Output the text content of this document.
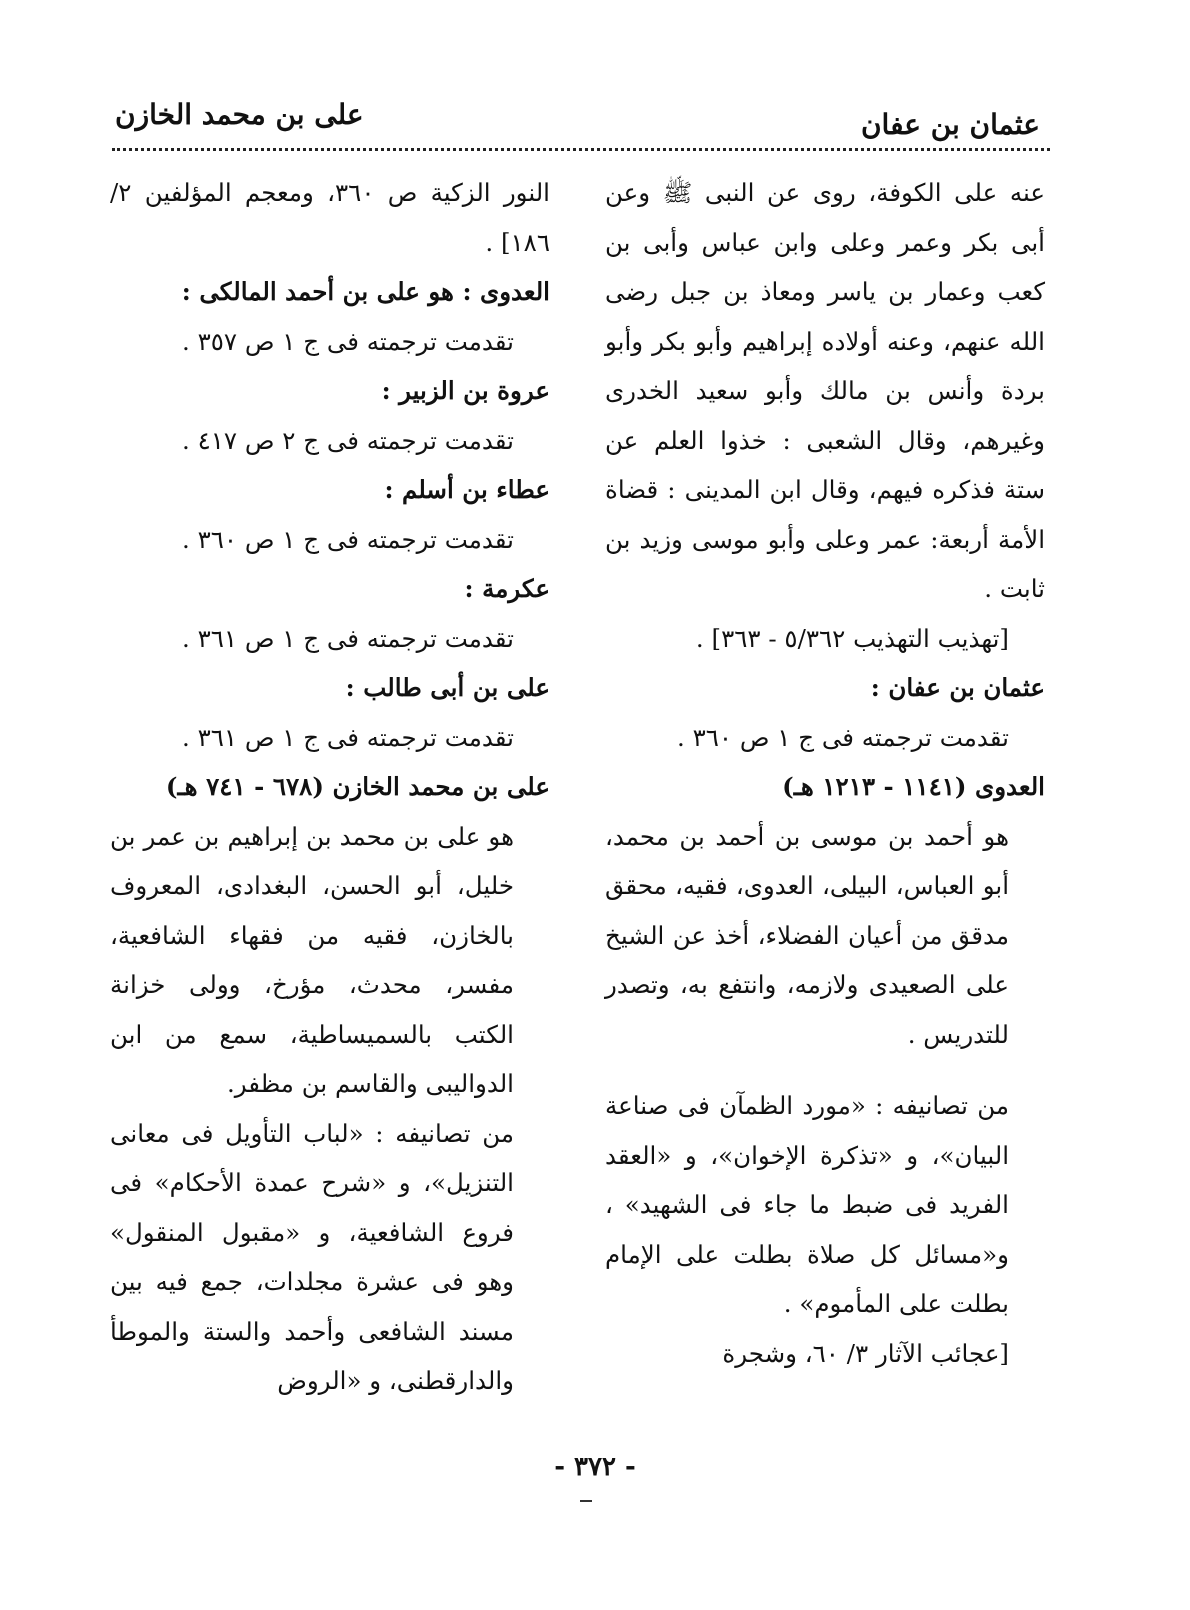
عثمان بن عفان
على بن محمد الخازن

عنه على الكوفة، روى عن النبى ﷺ وعن أبى بكر وعمر وعلى وابن عباس وأبى بن كعب وعمار بن ياسر ومعاذ بن جبل رضى الله عنهم، وعنه أولاده إبراهيم وأبو بكر وأبو بردة وأنس بن مالك وأبو سعيد الخدرى وغيرهم، وقال الشعبى : خذوا العلم عن ستة فذكره فيهم، وقال ابن المدينى : قضاة الأمة أربعة: عمر وعلى وأبو موسى وزيد بن ثابت .

[تهذيب التهذيب ٥/٣٦٢ - ٣٦٣] .

عثمان بن عفان :

تقدمت ترجمته فى ج ١ ص ٣٦٠ .

العدوى (١١٤١ - ١٢١٣ هـ)

هو أحمد بن موسى بن أحمد بن محمد، أبو العباس، البيلى، العدوى، فقيه، محقق مدقق من أعيان الفضلاء، أخذ عن الشيخ على الصعيدى ولازمه، وانتفع به، وتصدر للتدريس .

من تصانيفه : «مورد الظمآن فى صناعة البيان»، و «تذكرة الإخوان»، و «العقد الفريد فى ضبط ما جاء فى الشهيد» ، و«مسائل كل صلاة بطلت على الإمام بطلت على المأموم» .

[عجائب الآثار ٣/ ٦٠، وشجرة

النور الزكية ص ٣٦٠، ومعجم المؤلفين ٢/ ١٨٦] .

العدوى : هو على بن أحمد المالكى :

تقدمت ترجمته فى ج ١ ص ٣٥٧ .

عروة بن الزبير :

تقدمت ترجمته فى ج ٢ ص ٤١٧ .

عطاء بن أسلم :

تقدمت ترجمته فى ج ١ ص ٣٦٠ .

عكرمة :

تقدمت ترجمته فى ج ١ ص ٣٦١ .

على بن أبى طالب :

تقدمت ترجمته فى ج ١ ص ٣٦١ .

على بن محمد الخازن (٦٧٨ - ٧٤١ هـ)

هو على بن محمد بن إبراهيم بن عمر بن خليل، أبو الحسن، البغدادى، المعروف بالخازن، فقيه من فقهاء الشافعية، مفسر، محدث، مؤرخ، وولى خزانة الكتب بالسميساطية، سمع من ابن الدواليبى والقاسم بن مظفر.

من تصانيفه : «لباب التأويل فى معانى التنزيل»، و «شرح عمدة الأحكام» فى فروع الشافعية، و «مقبول المنقول» وهو فى عشرة مجلدات، جمع فيه بين مسند الشافعى وأحمد والستة والموطأ والدارقطنى، و «الروض

- ٣٧٢ -
